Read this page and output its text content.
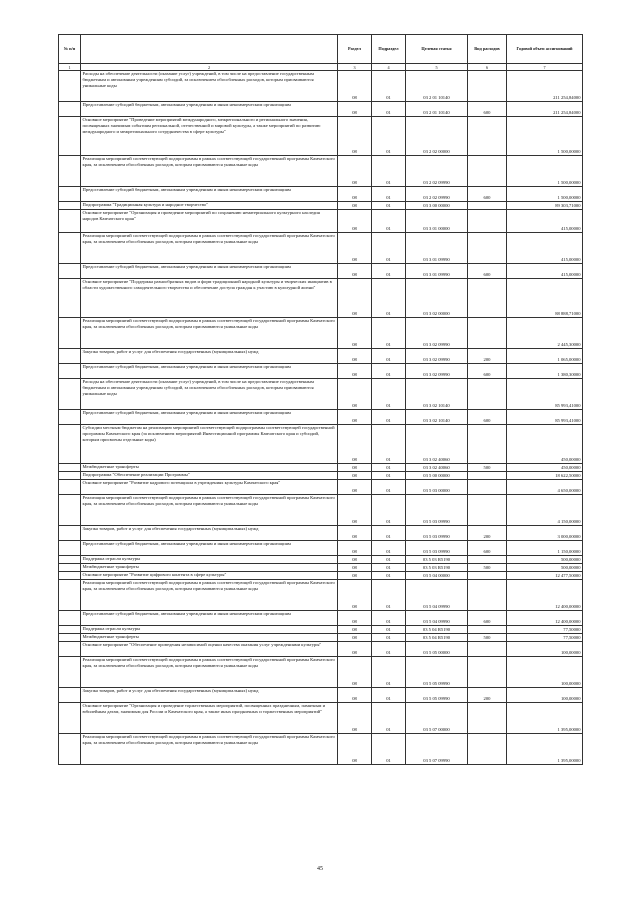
№ п/п		Раздел	Подраздел	Целевая статья	Вид расходов	Годовой объем ассигнований
1	2	3	4	5	6	7
	Расходы на обеспечение деятельности (оказание услуг) учреждений, в том числе на предоставление государственным бюджетным и автономным учреждениям субсидий, за исключением обособленных расходов, которым присваиваются уникальные коды	08	01	03 2 01 10140		211 254,84000
	Предоставление субсидий бюджетным, автономным учреждениям и иным некоммерческим организациям	08	01	03 2 01 10140	600	211 254,84000
	Основное мероприятие "Проведение мероприятий международного, межрегионального и регионального значения, посвященных значимым событиям региональной, отечественной и мировой культуры, а также мероприятий по развитию международного и межрегионального сотрудничества в сфере культуры"	08	01	03 2 02 00000		1 500,00000
	Реализация мероприятий соответствующей подпрограммы в рамках соответствующей государственной программы Камчатского края, за исключением обособленных расходов, которым присваиваются уникальные коды	08	01	03 2 02 09990		1 500,00000
	Предоставление субсидий бюджетным, автономным учреждениям и иным некоммерческим организациям	08	01	03 2 02 09990	600	1 500,00000
	Подпрограмма "Традиционная культура и народное творчество"	08	01	03 3 00 00000		89 303,71000
	Основное мероприятие "Организация и проведение мероприятий по сохранению нематериального культурного наследия народов Камчатского края"	08	01	03 3 01 00000		415,00000
	Реализация мероприятий соответствующей подпрограммы в рамках соответствующей государственной программы Камчатского края, за исключением обособленных расходов, которым присваиваются уникальные коды	08	01	03 3 01 09990		415,00000
	Предоставление субсидий бюджетным, автономным учреждениям и иным некоммерческим организациям	08	01	03 3 01 09990	600	415,00000
	Основное мероприятие "Поддержка разнообразных видов и форм традиционной народной культуры и творческих инициатив в области художественного самодеятельного творчества и обеспечение доступа граждан к участию в культурной жизни"	08	01	03 3 02 00000		88 888,71000
	Реализация мероприятий соответствующей подпрограммы в рамках соответствующей государственной программы Камчатского края, за исключением обособленных расходов, которым присваиваются уникальные коды	08	01	03 3 02 09990		2 445,30000
	Закупка товаров, работ и услуг для обеспечения государственных (муниципальных) нужд	08	01	03 3 02 09990	200	1 065,00000
	Предоставление субсидий бюджетным, автономным учреждениям и иным некоммерческим организациям	08	01	03 3 02 09990	600	1 380,30000
	Расходы на обеспечение деятельности (оказание услуг) учреждений, в том числе на предоставление государственным бюджетным и автономным учреждениям субсидий, за исключением обособленных расходов, которым присваиваются уникальные коды	08	01	03 3 02 10140		85 993,41000
	Предоставление субсидий бюджетным, автономным учреждениям и иным некоммерческим организациям	08	01	03 3 02 10140	600	85 993,41000
	Субсидии местным бюджетам на реализацию мероприятий соответствующей подпрограммы соответствующей государственной программы Камчатского края (за исключением мероприятий Инвестиционной программы Камчатского края и субсидий, которым присвоены отдельные коды)	08	01	03 3 02 40060		450,00000
	Межбюджетные трансферты	08	01	03 3 02 40060	500	450,00000
	Подпрограмма "Обеспечение реализации Программы"	08	01	03 5 00 00000		18 622,50000
	Основное мероприятие "Развитие кадрового потенциала в учреждениях культуры Камчатского края"	08	01	03 5 03 00000		4 650,00000
	Реализация мероприятий соответствующей подпрограммы в рамках соответствующей государственной программы Камчатского края, за исключением обособленных расходов, которым присваиваются уникальные коды	08	01	03 5 03 09990		4 150,00000
	Закупка товаров, работ и услуг для обеспечения государственных (муниципальных) нужд	08	01	03 5 03 09990	200	3 000,00000
	Предоставление субсидий бюджетным, автономным учреждениям и иным некоммерческим организациям	08	01	03 5 03 09990	600	1 150,00000
	Поддержка отрасли культуры	08	01	03 5 03 R5190		500,00000
	Межбюджетные трансферты	08	01	03 5 03 R5190	500	500,00000
	Основное мероприятие "Развитие цифрового контента в сфере культуры"	08	01	03 5 04 00000		12 477,50000
	Реализация мероприятий соответствующей подпрограммы в рамках соответствующей государственной программы Камчатского края, за исключением обособленных расходов, которым присваиваются уникальные коды	08	01	03 5 04 09990		12 400,00000
	Предоставление субсидий бюджетным, автономным учреждениям и иным некоммерческим организациям	08	01	03 5 04 09990	600	12 400,00000
	Поддержка отрасли культуры	08	01	03 5 04 R5190		77,50000
	Межбюджетные трансферты	08	01	03 5 04 R5190	500	77,50000
	Основное мероприятие "Обеспечение проведения независимой оценки качества оказания услуг учреждениями культуры"	08	01	03 5 05 00000		100,00000
	Реализация мероприятий соответствующей подпрограммы в рамках соответствующей государственной программы Камчатского края, за исключением обособленных расходов, которым присваиваются уникальные коды	08	01	03 5 05 09990		100,00000
	Закупка товаров, работ и услуг для обеспечения государственных (муниципальных) нужд	08	01	03 5 05 09990	200	100,00000
	Основное мероприятие "Организация и проведение торжественных мероприятий, посвященных праздничным, памятным и юбилейным датам, значимым для России и Камчатского края, а также иных праздничных и торжественных мероприятий"	08	01	03 5 07 00000		1 395,00000
	Реализация мероприятий соответствующей подпрограммы в рамках соответствующей государственной программы Камчатского края, за исключением обособленных расходов, которым присваиваются уникальные коды	08	01	03 5 07 09990		1 395,00000
45
